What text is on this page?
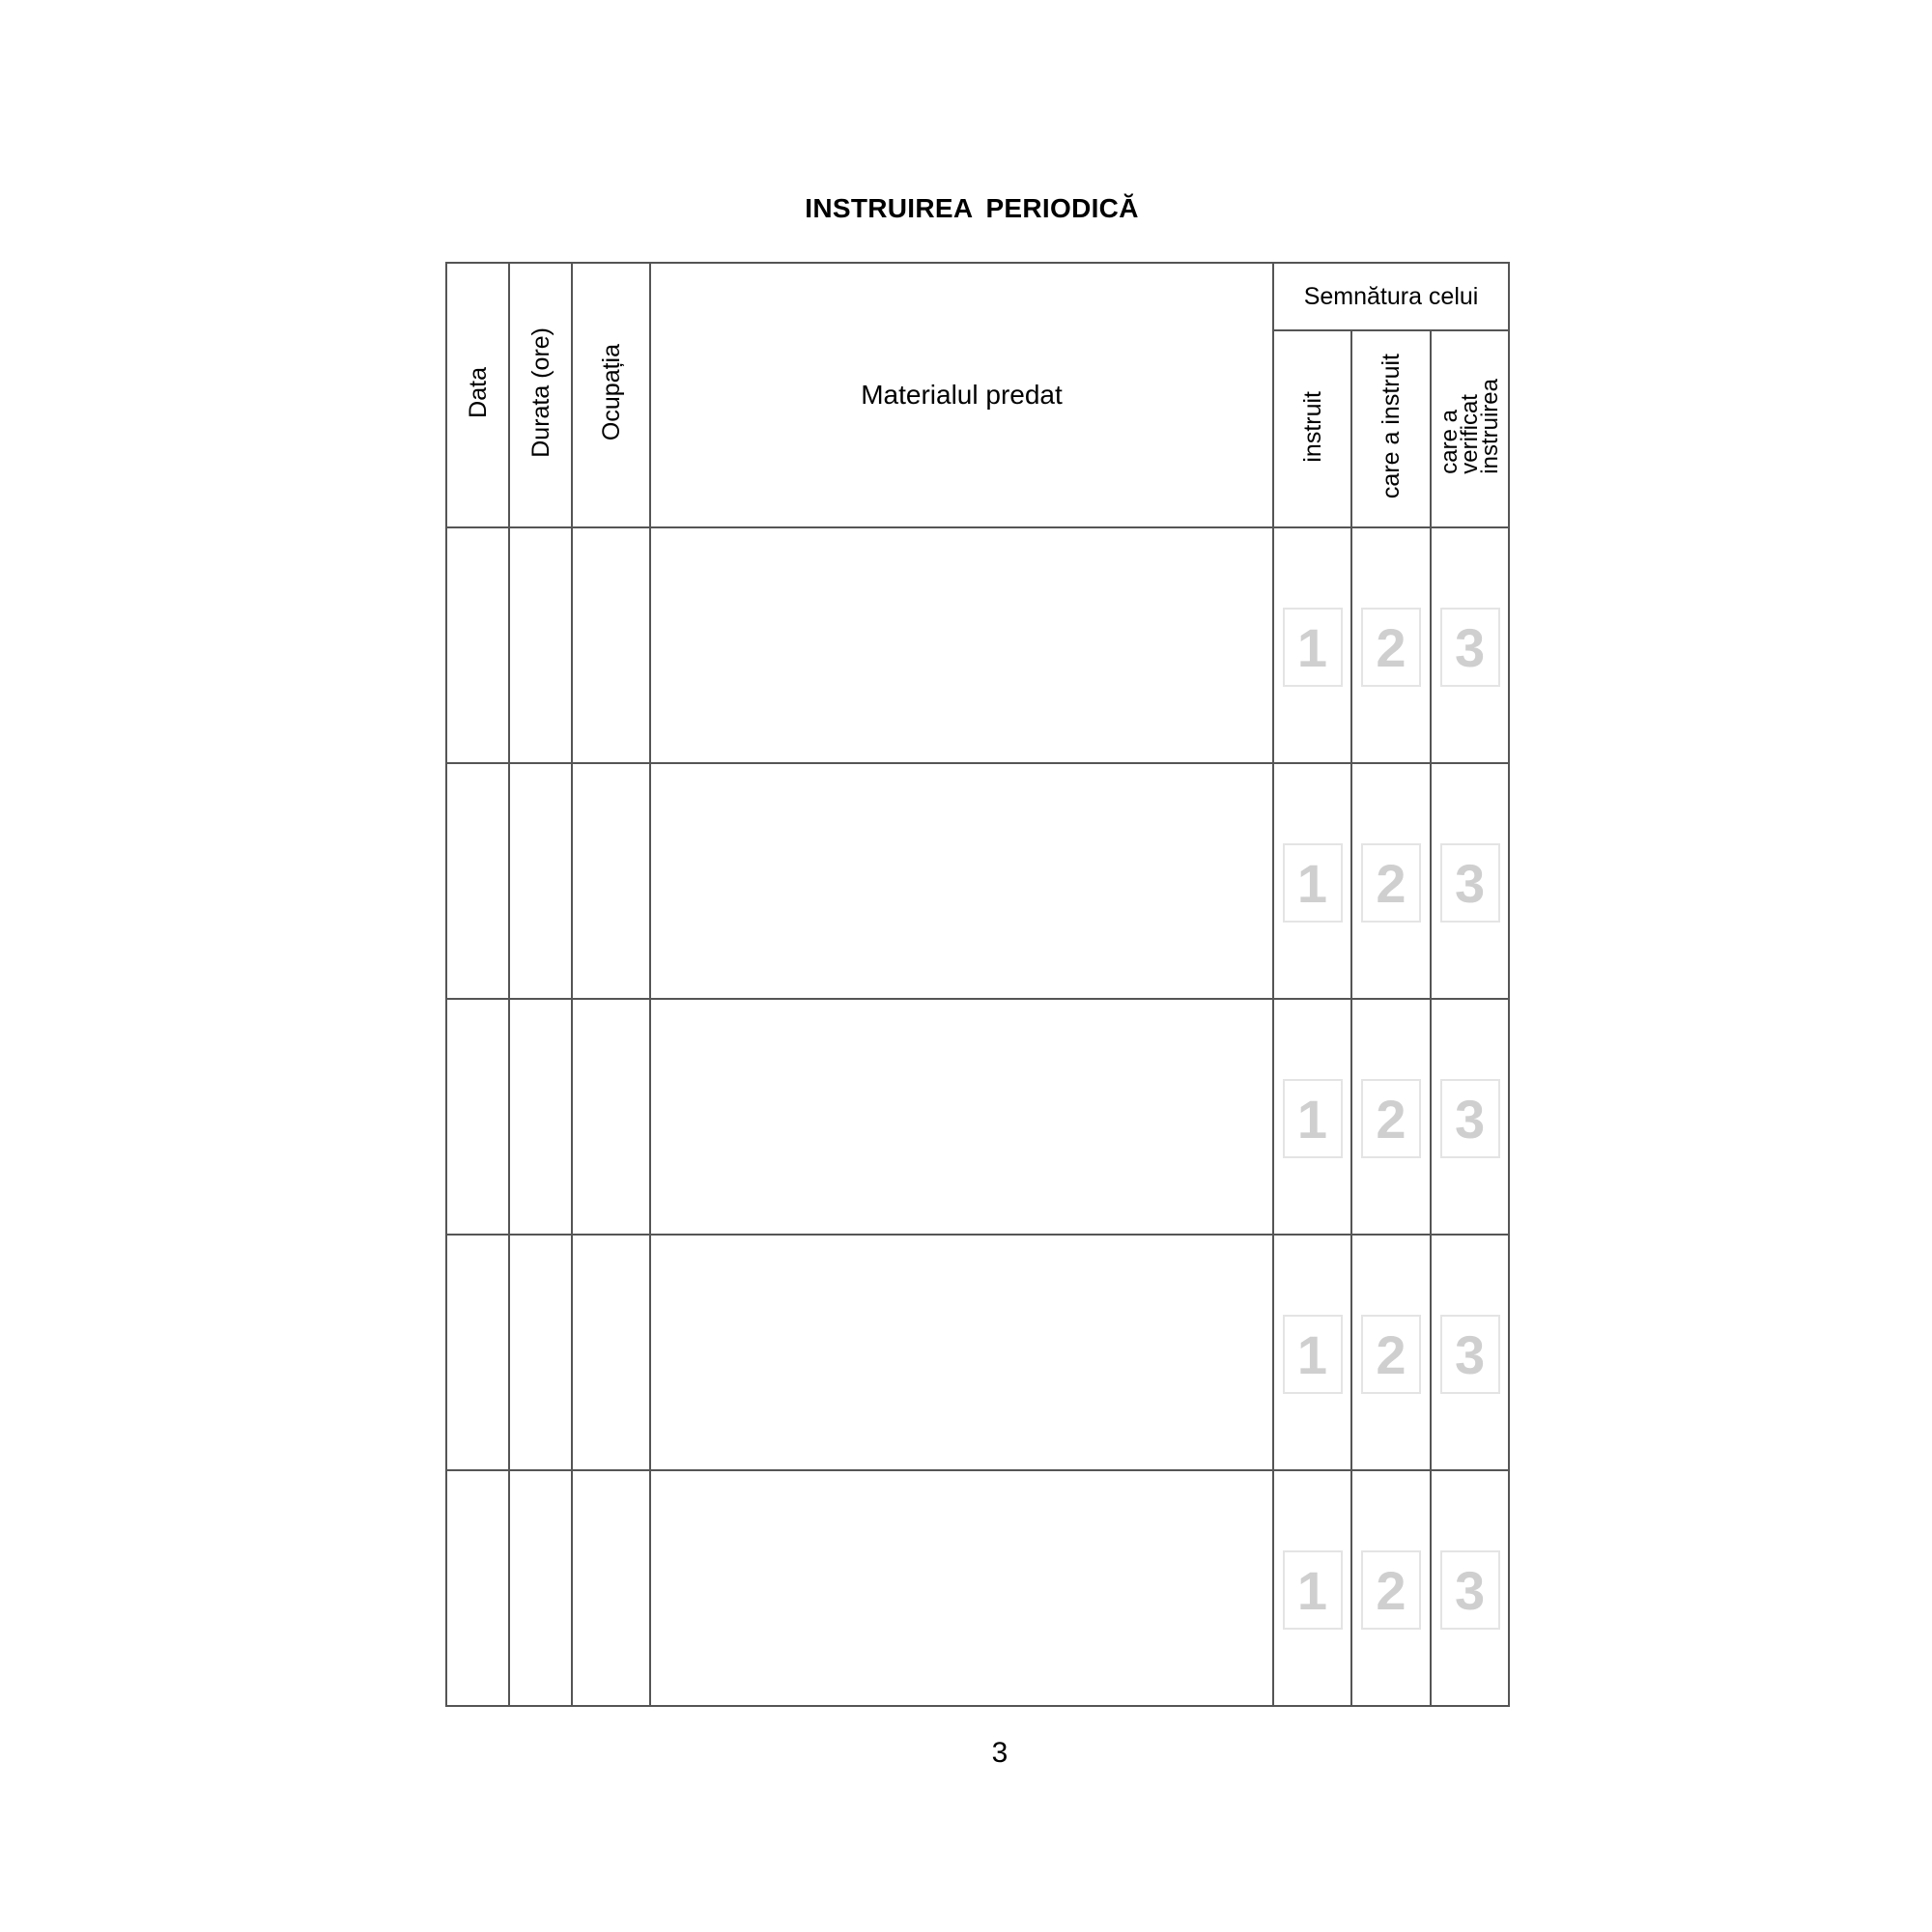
INSTRUIREA PERIODICĂ
Data	Durata (ore)	Ocupația	Materialul predat	Semnătura celui		
				instruit	care a instruit	care a
verificat
instruirea

				1	2	3

				1	2	3

				1	2	3

				1	2	3

				1	2	3
3
